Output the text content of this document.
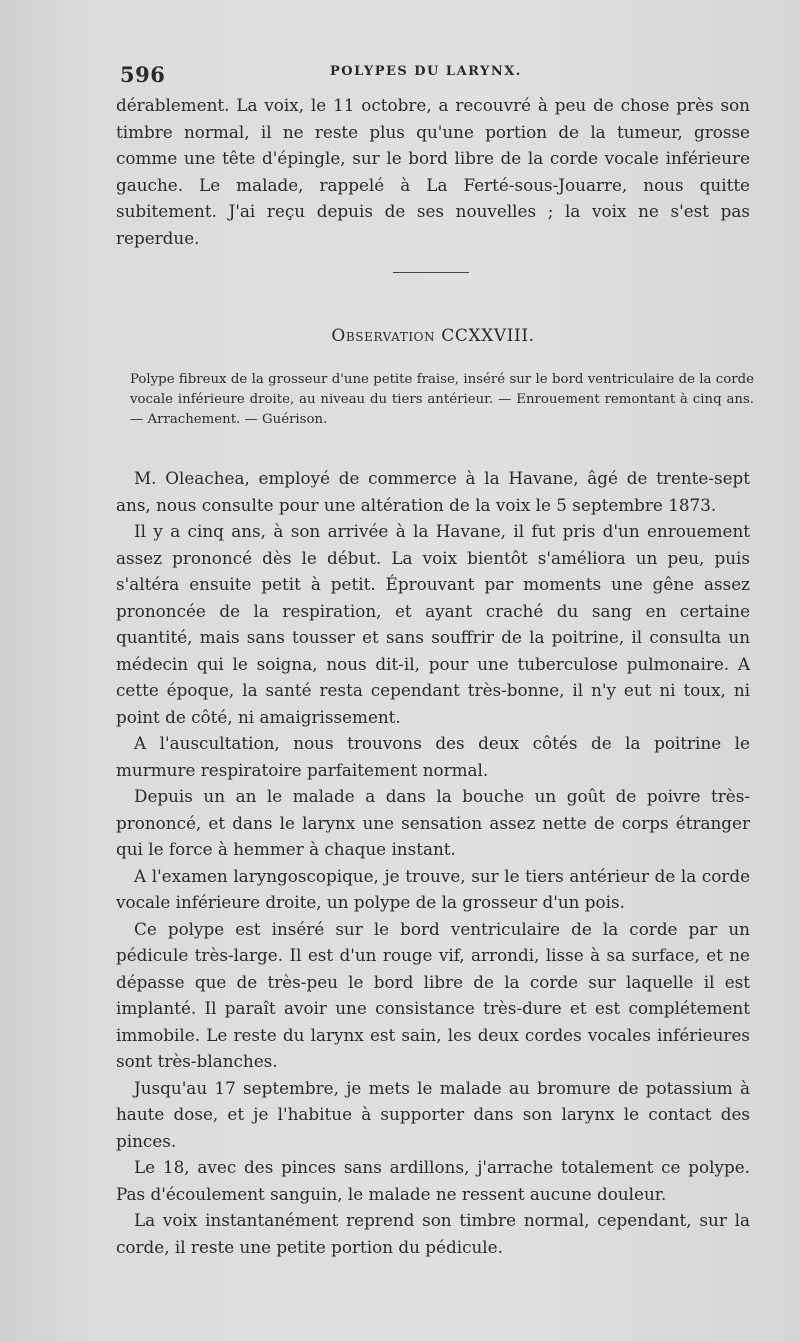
596	POLYPES DU LARYNX.

dérablement. La voix, le 11 octobre, a recouvré à peu de chose près son timbre normal, il ne reste plus qu'une portion de la tumeur, grosse comme une tête d'épingle, sur le bord libre de la corde vocale inférieure gauche. Le malade, rappelé à La Ferté-sous-Jouarre, nous quitte subitement. J'ai reçu depuis de ses nouvelles ; la voix ne s'est pas reperdue.

Observation CCXXVIII.
Polype fibreux de la grosseur d'une petite fraise, inséré sur le bord ventriculaire de la corde vocale inférieure droite, au niveau du tiers antérieur. — Enrouement remontant à cinq ans. — Arrachement. — Guérison.

M. Oleachea, employé de commerce à la Havane, âgé de trente-sept ans, nous consulte pour une altération de la voix le 5 septembre 1873.

Il y a cinq ans, à son arrivée à la Havane, il fut pris d'un enrouement assez prononcé dès le début. La voix bientôt s'améliora un peu, puis s'altéra ensuite petit à petit. Éprouvant par moments une gêne assez prononcée de la respiration, et ayant craché du sang en certaine quantité, mais sans tousser et sans souffrir de la poitrine, il consulta un médecin qui le soigna, nous dit-il, pour une tuberculose pulmonaire. A cette époque, la santé resta cependant très-bonne, il n'y eut ni toux, ni point de côté, ni amaigrissement.

A l'auscultation, nous trouvons des deux côtés de la poitrine le murmure respiratoire parfaitement normal.

Depuis un an le malade a dans la bouche un goût de poivre très-prononcé, et dans le larynx une sensation assez nette de corps étranger qui le force à hemmer à chaque instant.

A l'examen laryngoscopique, je trouve, sur le tiers antérieur de la corde vocale inférieure droite, un polype de la grosseur d'un pois.

Ce polype est inséré sur le bord ventriculaire de la corde par un pédicule très-large. Il est d'un rouge vif, arrondi, lisse à sa surface, et ne dépasse que de très-peu le bord libre de la corde sur laquelle il est implanté. Il paraît avoir une consistance très-dure et est complétement immobile. Le reste du larynx est sain, les deux cordes vocales inférieures sont très-blanches.

Jusqu'au 17 septembre, je mets le malade au bromure de potassium à haute dose, et je l'habitue à supporter dans son larynx le contact des pinces.

Le 18, avec des pinces sans ardillons, j'arrache totalement ce polype. Pas d'écoulement sanguin, le malade ne ressent aucune douleur.

La voix instantanément reprend son timbre normal, cependant, sur la corde, il reste une petite portion du pédicule.
